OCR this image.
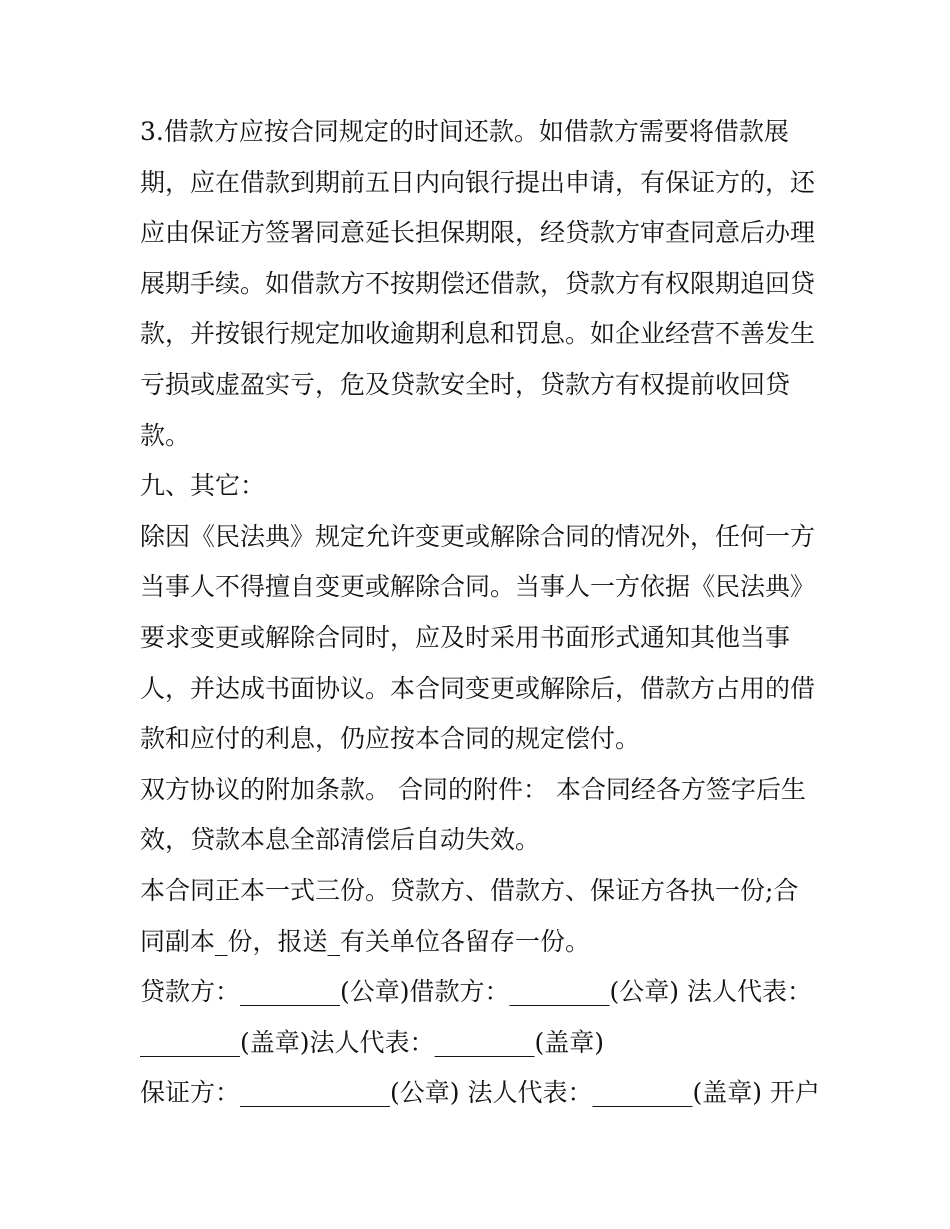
3.借款方应按合同规定的时间还款。如借款方需要将借款展
期，应在借款到期前五日内向银行提出申请，有保证方的，还
应由保证方签署同意延长担保期限，经贷款方审查同意后办理
展期手续。如借款方不按期偿还借款，贷款方有权限期追回贷
款，并按银行规定加收逾期利息和罚息。如企业经营不善发生
亏损或虚盈实亏，危及贷款安全时，贷款方有权提前收回贷
款。

九、其它：

除因《民法典》规定允许变更或解除合同的情况外，任何一方
当事人不得擅自变更或解除合同。当事人一方依据《民法典》
要求变更或解除合同时，应及时采用书面形式通知其他当事
人，并达成书面协议。本合同变更或解除后，借款方占用的借
款和应付的利息，仍应按本合同的规定偿付。

双方协议的附加条款。 合同的附件： 本合同经各方签字后生
效，贷款本息全部清偿后自动失效。

本合同正本一式三份。贷款方、借款方、保证方各执一份;合
同副本_份，报送_有关单位各留存一份。

贷款方：________(公章)借款方：________(公章) 法人代表：
________(盖章)法人代表：________(盖章)

保证方：____________(公章) 法人代表：________(盖章) 开户
